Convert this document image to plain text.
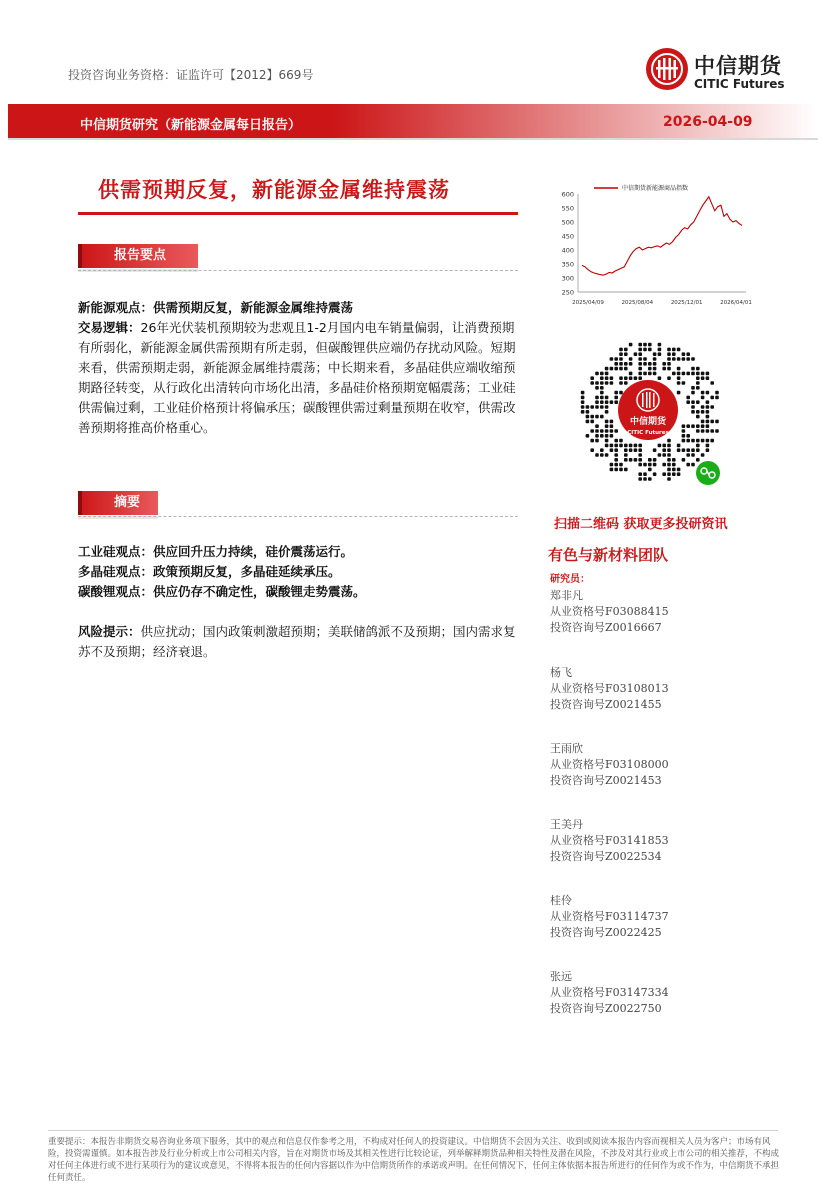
投资咨询业务资格：证监许可【2012】669号	中信期货
CITIC Futures
中信期货研究（新能源金属每日报告）	2026-04-09
供需预期反复，新能源金属维持震荡
报告要点
新能源观点：供需预期反复，新能源金属维持震荡
交易逻辑：26年光伏装机预期较为悲观且1-2月国内电车销量偏弱，让消费预期有所弱化，新能源金属供需预期有所走弱，但碳酸锂供应端仍存扰动风险。短期来看，供需预期走弱，新能源金属维持震荡；中长期来看，多晶硅供应端收缩预期路径转变，从行政化出清转向市场化出清，多晶硅价格预期宽幅震荡；工业硅供需偏过剩，工业硅价格预计将偏承压；碳酸锂供需过剩量预期在收窄，供需改善预期将推高价格重心。
摘要
工业硅观点：供应回升压力持续，硅价震荡运行。
多晶硅观点：政策预期反复，多晶硅延续承压。
碳酸锂观点：供应仍存不确定性，碳酸锂走势震荡。
风险提示：供应扰动；国内政策刺激超预期；美联储鸽派不及预期；国内需求复苏不及预期；经济衰退。
250
300
350
400
450
500
550
600
2025/04/09	2025/08/04	2025/12/01	2026/04/01
中信期货新能源商品指数
中信期货
CITIC Futures
扫描二维码 获取更多投研资讯
有色与新材料团队
研究员：
郑非凡
从业资格号F03088415
投资咨询号Z0016667
杨飞
从业资格号F03108013
投资咨询号Z0021455
王雨欣
从业资格号F03108000
投资咨询号Z0021453
王美丹
从业资格号F03141853
投资咨询号Z0022534
桂伶
从业资格号F03114737
投资咨询号Z0022425
张远
从业资格号F03147334
投资咨询号Z0022750
重要提示：本报告非期货交易咨询业务项下服务，其中的观点和信息仅作参考之用，不构成对任何人的投资建议。中信期货不会因为关注、收到或阅读本报告内容而视相关人员为客户；市场有风险，投资需谨慎。如本报告涉及行业分析或上市公司相关内容，旨在对期货市场及其相关性进行比较论证，列举解释期货品种相关特性及潜在风险，不涉及对其行业或上市公司的相关推荐，不构成对任何主体进行或不进行某项行为的建议或意见，不得将本报告的任何内容据以作为中信期货所作的承诺或声明。在任何情况下，任何主体依据本报告所进行的任何作为或不作为，中信期货不承担任何责任。
